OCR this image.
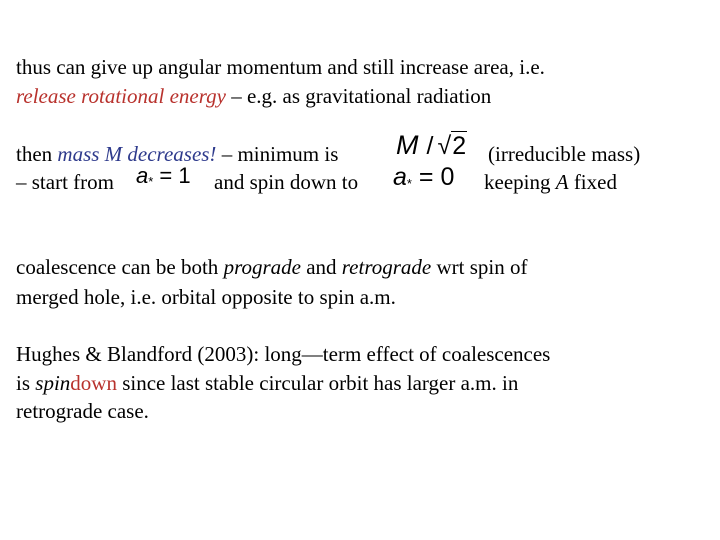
thus can give up angular momentum and still increase area, i.e.
release rotational energy – e.g. as gravitational radiation
then mass M decreases! – minimum is M / √2 (irreducible mass)
– start from $a_* = 1$ and spin down to $a_* = 0$ keeping A fixed
coalescence can be both prograde and retrograde wrt spin of
merged hole, i.e. orbital opposite to spin a.m.
Hughes & Blandford (2003): long—term effect of coalescences
is spindown since last stable circular orbit has larger a.m. in
retrograde case.
